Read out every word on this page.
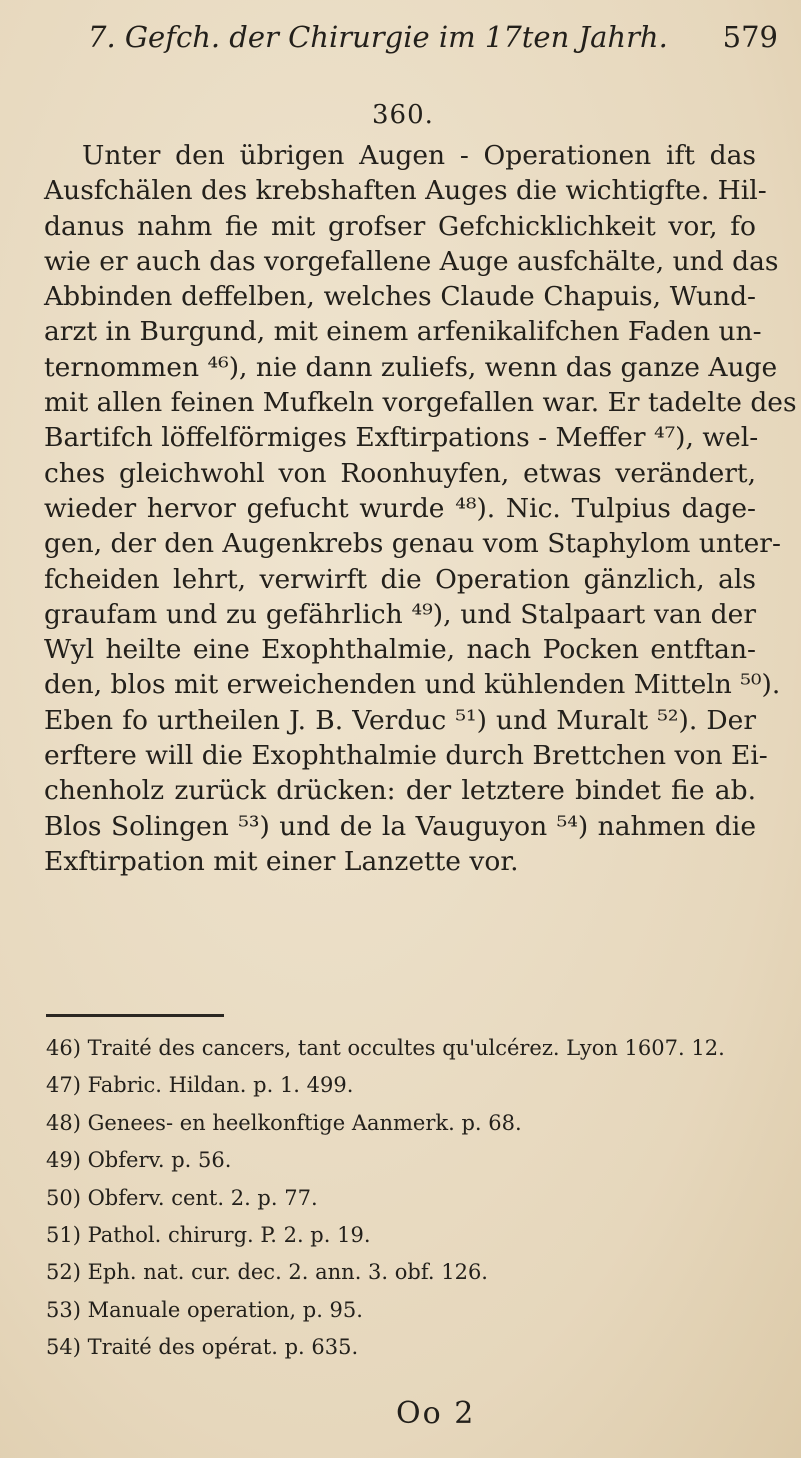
7. Gefch. der Chirurgie im 17ten Jahrh. 579
360.
Unter den übrigen Augen - Operationen ift das
Ausfchälen des krebshaften Auges die wichtigfte. Hil-
danus nahm fie mit grofser Gefchicklichkeit vor, fo
wie er auch das vorgefallene Auge ausfchälte, und das
Abbinden deffelben, welches Claude Chapuis, Wund-
arzt in Burgund, mit einem arfenikalifchen Faden un-
ternommen ⁴⁶), nie dann zuliefs, wenn das ganze Auge
mit allen feinen Mufkeln vorgefallen war. Er tadelte des
Bartifch löffelförmiges Exftirpations - Meffer ⁴⁷), wel-
ches gleichwohl von Roonhuyfen, etwas verändert,
wieder hervor gefucht wurde ⁴⁸). Nic. Tulpius dage-
gen, der den Augenkrebs genau vom Staphylom unter-
fcheiden lehrt, verwirft die Operation gänzlich, als
graufam und zu gefährlich ⁴⁹), und Stalpaart van der
Wyl heilte eine Exophthalmie, nach Pocken entftan-
den, blos mit erweichenden und kühlenden Mitteln ⁵⁰).
Eben fo urtheilen J. B. Verduc ⁵¹) und Muralt ⁵²). Der
erftere will die Exophthalmie durch Brettchen von Ei-
chenholz zurück drücken: der letztere bindet fie ab.
Blos Solingen ⁵³) und de la Vauguyon ⁵⁴) nahmen die
Exftirpation mit einer Lanzette vor.
46) Traité des cancers, tant occultes qu'ulcérez. Lyon 1607. 12.
47) Fabric. Hildan. p. 1. 499.
48) Genees- en heelkonftige Aanmerk. p. 68.
49) Obferv. p. 56.
50) Obferv. cent. 2. p. 77.
51) Pathol. chirurg. P. 2. p. 19.
52) Eph. nat. cur. dec. 2. ann. 3. obf. 126.
53) Manuale operation, p. 95.
54) Traité des opérat. p. 635.
Oo 2
